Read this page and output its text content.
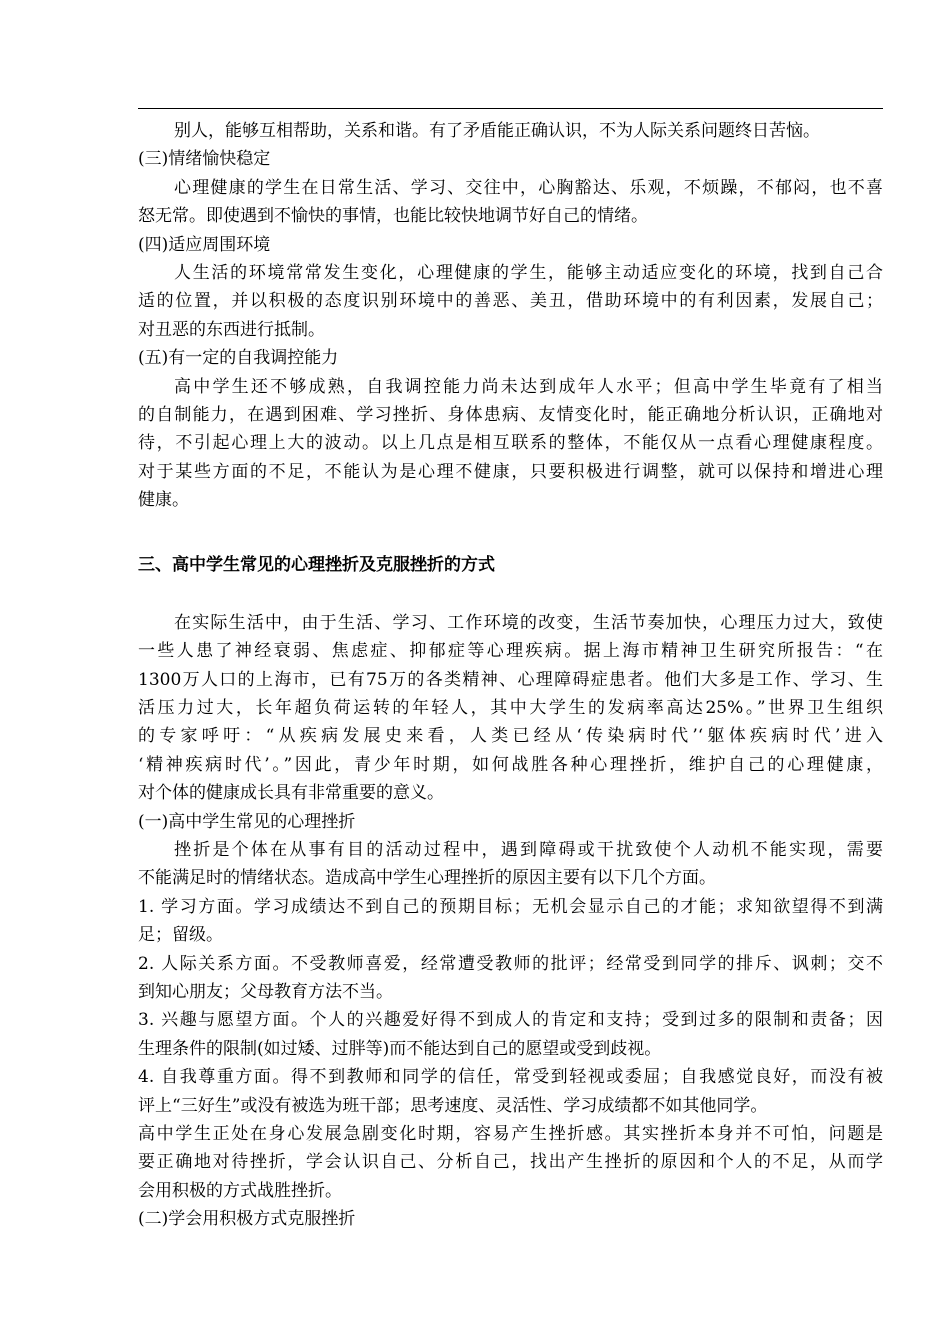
别人，能够互相帮助，关系和谐。有了矛盾能正确认识，不为人际关系问题终日苦恼。
(三)情绪愉快稳定
心理健康的学生在日常生活、学习、交往中，心胸豁达、乐观，不烦躁，不郁闷，也不喜
怒无常。即使遇到不愉快的事情，也能比较快地调节好自己的情绪。
(四)适应周围环境
人生活的环境常常发生变化，心理健康的学生，能够主动适应变化的环境，找到自己合
适的位置，并以积极的态度识别环境中的善恶、美丑，借助环境中的有利因素，发展自己；
对丑恶的东西进行抵制。
(五)有一定的自我调控能力
高中学生还不够成熟，自我调控能力尚未达到成年人水平；但高中学生毕竟有了相当
的自制能力，在遇到困难、学习挫折、身体患病、友情变化时，能正确地分析认识，正确地对
待，不引起心理上大的波动。以上几点是相互联系的整体，不能仅从一点看心理健康程度。
对于某些方面的不足，不能认为是心理不健康，只要积极进行调整，就可以保持和增进心理
健康。
三、高中学生常见的心理挫折及克服挫折的方式
在实际生活中，由于生活、学习、工作环境的改变，生活节奏加快，心理压力过大，致使
一些人患了神经衰弱、焦虑症、抑郁症等心理疾病。据上海市精神卫生研究所报告：“在
1300万人口的上海市，已有75万的各类精神、心理障碍症患者。他们大多是工作、学习、生
活压力过大，长年超负荷运转的年轻人，其中大学生的发病率高达25%。”世界卫生组织
的专家呼吁：“从疾病发展史来看，人类已经从‘传染病时代’‘躯体疾病时代’进入
‘精神疾病时代’。”因此，青少年时期，如何战胜各种心理挫折，维护自己的心理健康，
对个体的健康成长具有非常重要的意义。
(一)高中学生常见的心理挫折
挫折是个体在从事有目的活动过程中，遇到障碍或干扰致使个人动机不能实现，需要
不能满足时的情绪状态。造成高中学生心理挫折的原因主要有以下几个方面。
1. 学习方面。学习成绩达不到自己的预期目标；无机会显示自己的才能；求知欲望得不到满
足；留级。
2. 人际关系方面。不受教师喜爱，经常遭受教师的批评；经常受到同学的排斥、讽刺；交不
到知心朋友；父母教育方法不当。
3. 兴趣与愿望方面。个人的兴趣爱好得不到成人的肯定和支持；受到过多的限制和责备；因
生理条件的限制(如过矮、过胖等)而不能达到自己的愿望或受到歧视。
4. 自我尊重方面。得不到教师和同学的信任，常受到轻视或委屈；自我感觉良好，而没有被
评上“三好生”或没有被选为班干部；思考速度、灵活性、学习成绩都不如其他同学。
高中学生正处在身心发展急剧变化时期，容易产生挫折感。其实挫折本身并不可怕，问题是
要正确地对待挫折，学会认识自己、分析自己，找出产生挫折的原因和个人的不足，从而学
会用积极的方式战胜挫折。
(二)学会用积极方式克服挫折
